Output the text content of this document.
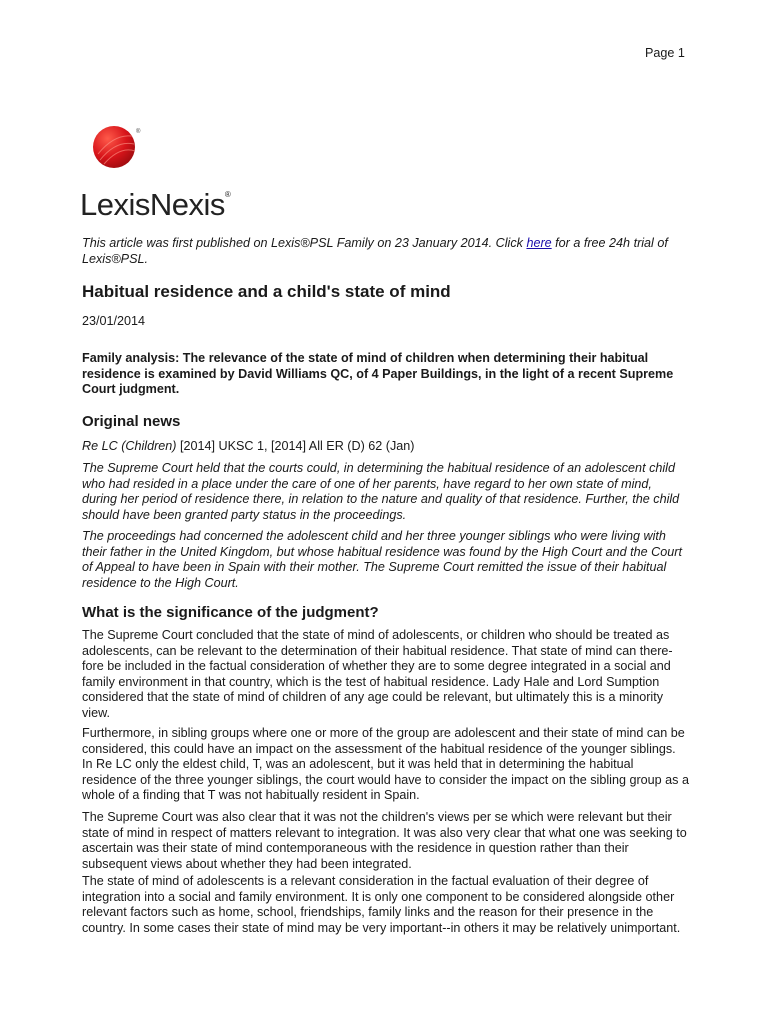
Page 1
®
LexisNexis®

This article was first published on Lexis®PSL Family on 23 January 2014. Click here for a free 24h trial of
Lexis®PSL.

Habitual residence and a child's state of mind

23/01/2014

Family analysis: The relevance of the state of mind of children when determining their habitual
residence is examined by David Williams QC, of 4 Paper Buildings, in the light of a recent Supreme
Court judgment.

Original news

Re LC (Children) [2014] UKSC 1, [2014] All ER (D) 62 (Jan)

The Supreme Court held that the courts could, in determining the habitual residence of an adolescent child
who had resided in a place under the care of one of her parents, have regard to her own state of mind,
during her period of residence there, in relation to the nature and quality of that residence. Further, the child
should have been granted party status in the proceedings.

The proceedings had concerned the adolescent child and her three younger siblings who were living with
their father in the United Kingdom, but whose habitual residence was found by the High Court and the Court
of Appeal to have been in Spain with their mother. The Supreme Court remitted the issue of their habitual
residence to the High Court.

What is the significance of the judgment?

The Supreme Court concluded that the state of mind of adolescents, or children who should be treated as
adolescents, can be relevant to the determination of their habitual residence. That state of mind can there-
fore be included in the factual consideration of whether they are to some degree integrated in a social and
family environment in that country, which is the test of habitual residence. Lady Hale and Lord Sumption
considered that the state of mind of children of any age could be relevant, but ultimately this is a minority
view.

Furthermore, in sibling groups where one or more of the group are adolescent and their state of mind can be
considered, this could have an impact on the assessment of the habitual residence of the younger siblings.
In Re LC only the eldest child, T, was an adolescent, but it was held that in determining the habitual
residence of the three younger siblings, the court would have to consider the impact on the sibling group as a
whole of a finding that T was not habitually resident in Spain.

The Supreme Court was also clear that it was not the children's views per se which were relevant but their
state of mind in respect of matters relevant to integration. It was also very clear that what one was seeking to
ascertain was their state of mind contemporaneous with the residence in question rather than their
subsequent views about whether they had been integrated.

The state of mind of adolescents is a relevant consideration in the factual evaluation of their degree of
integration into a social and family environment. It is only one component to be considered alongside other
relevant factors such as home, school, friendships, family links and the reason for their presence in the
country. In some cases their state of mind may be very important--in others it may be relatively unimportant.
